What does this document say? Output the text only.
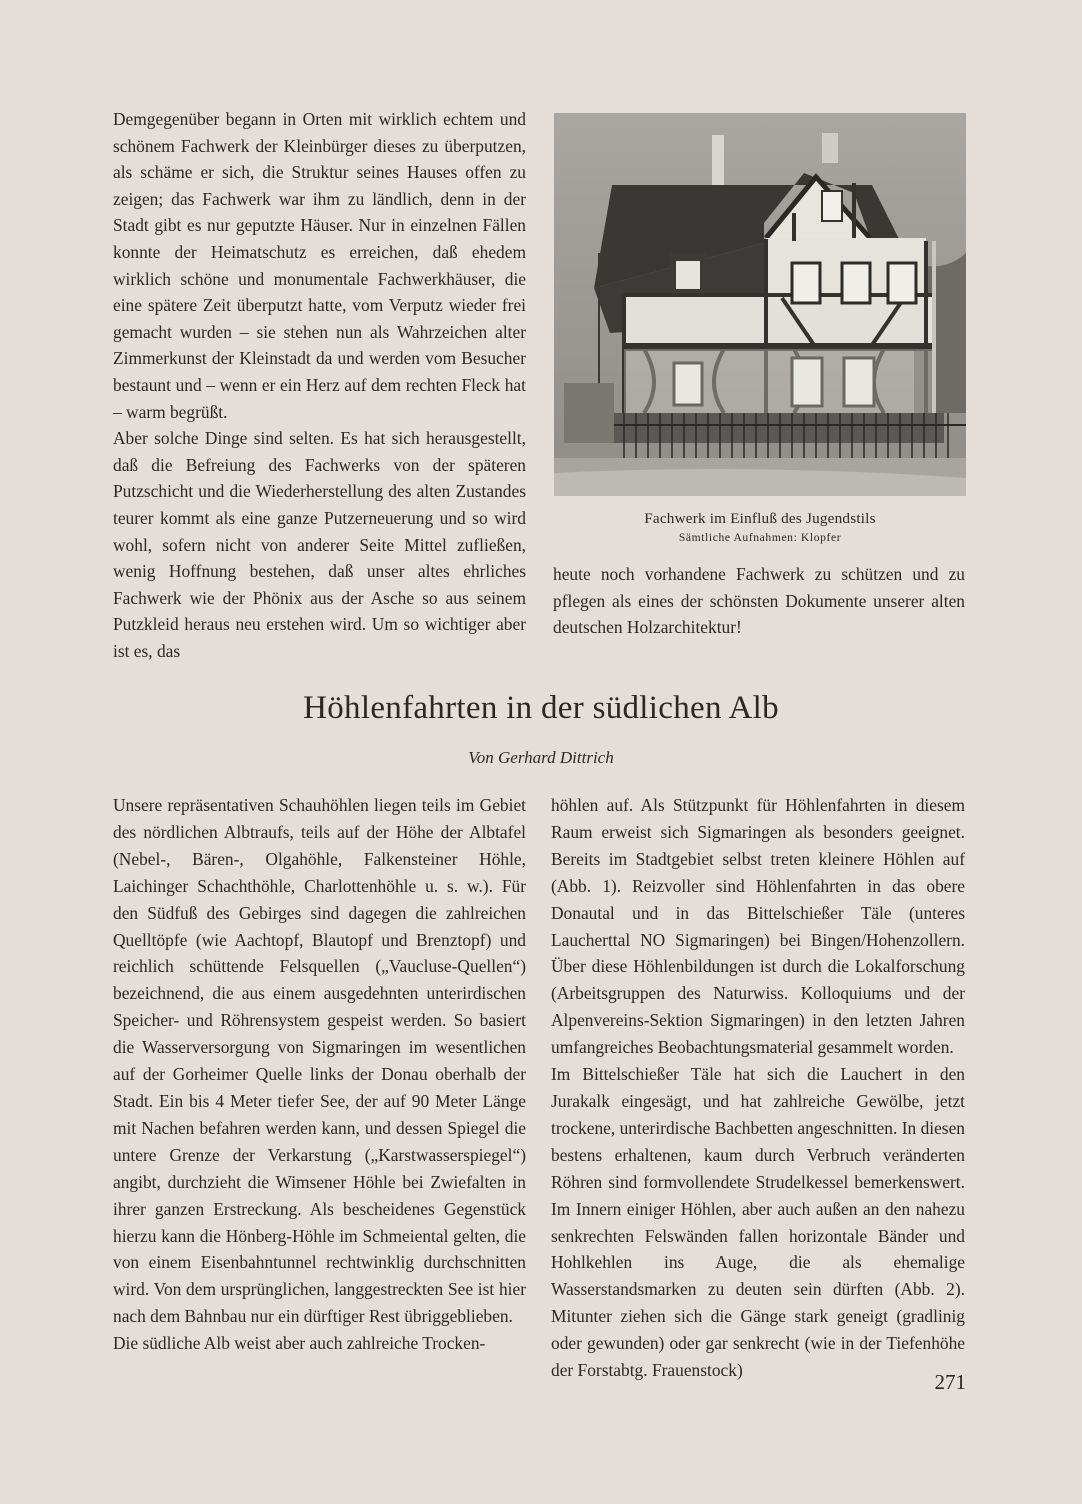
Demgegenüber begann in Orten mit wirklich echtem und schönem Fachwerk der Kleinbürger dieses zu überputzen, als schäme er sich, die Struktur seines Hauses offen zu zeigen; das Fachwerk war ihm zu ländlich, denn in der Stadt gibt es nur geputzte Häuser. Nur in einzelnen Fällen konnte der Heimatschutz es erreichen, daß ehedem wirklich schöne und monumentale Fachwerkhäuser, die eine spätere Zeit überputzt hatte, vom Verputz wieder frei gemacht wurden – sie stehen nun als Wahrzeichen alter Zimmerkunst der Kleinstadt da und werden vom Besucher bestaunt und – wenn er ein Herz auf dem rechten Fleck hat – warm begrüßt.

Aber solche Dinge sind selten. Es hat sich herausgestellt, daß die Befreiung des Fachwerks von der späteren Putzschicht und die Wiederherstellung des alten Zustandes teurer kommt als eine ganze Putzerneuerung und so wird wohl, sofern nicht von anderer Seite Mittel zufließen, wenig Hoffnung bestehen, daß unser altes ehrliches Fachwerk wie der Phönix aus der Asche so aus seinem Putzkleid heraus neu erstehen wird. Um so wichtiger aber ist es, das

Fachwerk im Einfluß des Jugendstils
Sämtliche Aufnahmen: Klopfer

heute noch vorhandene Fachwerk zu schützen und zu pflegen als eines der schönsten Dokumente unserer alten deutschen Holzarchitektur!

Höhlenfahrten in der südlichen Alb

Von Gerhard Dittrich

Unsere repräsentativen Schauhöhlen liegen teils im Gebiet des nördlichen Albtraufs, teils auf der Höhe der Albtafel (Nebel-, Bären-, Olgahöhle, Falkensteiner Höhle, Laichinger Schachthöhle, Charlottenhöhle u. s. w.). Für den Südfuß des Gebirges sind dagegen die zahlreichen Quelltöpfe (wie Aachtopf, Blautopf und Brenztopf) und reichlich schüttende Felsquellen („Vaucluse-Quellen“) bezeichnend, die aus einem ausgedehnten unterirdischen Speicher- und Röhrensystem gespeist werden. So basiert die Wasserversorgung von Sigmaringen im wesentlichen auf der Gorheimer Quelle links der Donau oberhalb der Stadt. Ein bis 4 Meter tiefer See, der auf 90 Meter Länge mit Nachen befahren werden kann, und dessen Spiegel die untere Grenze der Verkarstung („Karstwasserspiegel“) angibt, durchzieht die Wimsener Höhle bei Zwiefalten in ihrer ganzen Erstreckung. Als bescheidenes Gegenstück hierzu kann die Hönberg-Höhle im Schmeiental gelten, die von einem Eisenbahntunnel rechtwinklig durchschnitten wird. Von dem ursprünglichen, langgestreckten See ist hier nach dem Bahnbau nur ein dürftiger Rest übriggeblieben.

Die südliche Alb weist aber auch zahlreiche Trocken-

höhlen auf. Als Stützpunkt für Höhlenfahrten in diesem Raum erweist sich Sigmaringen als besonders geeignet. Bereits im Stadtgebiet selbst treten kleinere Höhlen auf (Abb. 1). Reizvoller sind Höhlenfahrten in das obere Donautal und in das Bittelschießer Täle (unteres Laucherttal NO Sigmaringen) bei Bingen/Hohenzollern. Über diese Höhlenbildungen ist durch die Lokalforschung (Arbeitsgruppen des Naturwiss. Kolloquiums und der Alpenvereins-Sektion Sigmaringen) in den letzten Jahren umfangreiches Beobachtungsmaterial gesammelt worden.

Im Bittelschießer Täle hat sich die Lauchert in den Jurakalk eingesägt, und hat zahlreiche Gewölbe, jetzt trockene, unterirdische Bachbetten angeschnitten. In diesen bestens erhaltenen, kaum durch Verbruch veränderten Röhren sind formvollendete Strudelkessel bemerkenswert. Im Innern einiger Höhlen, aber auch außen an den nahezu senkrechten Felswänden fallen horizontale Bänder und Hohlkehlen ins Auge, die als ehemalige Wasserstandsmarken zu deuten sein dürften (Abb. 2). Mitunter ziehen sich die Gänge stark geneigt (gradlinig oder gewunden) oder gar senkrecht (wie in der Tiefenhöhe der Forstabtg. Frauenstock)	271
